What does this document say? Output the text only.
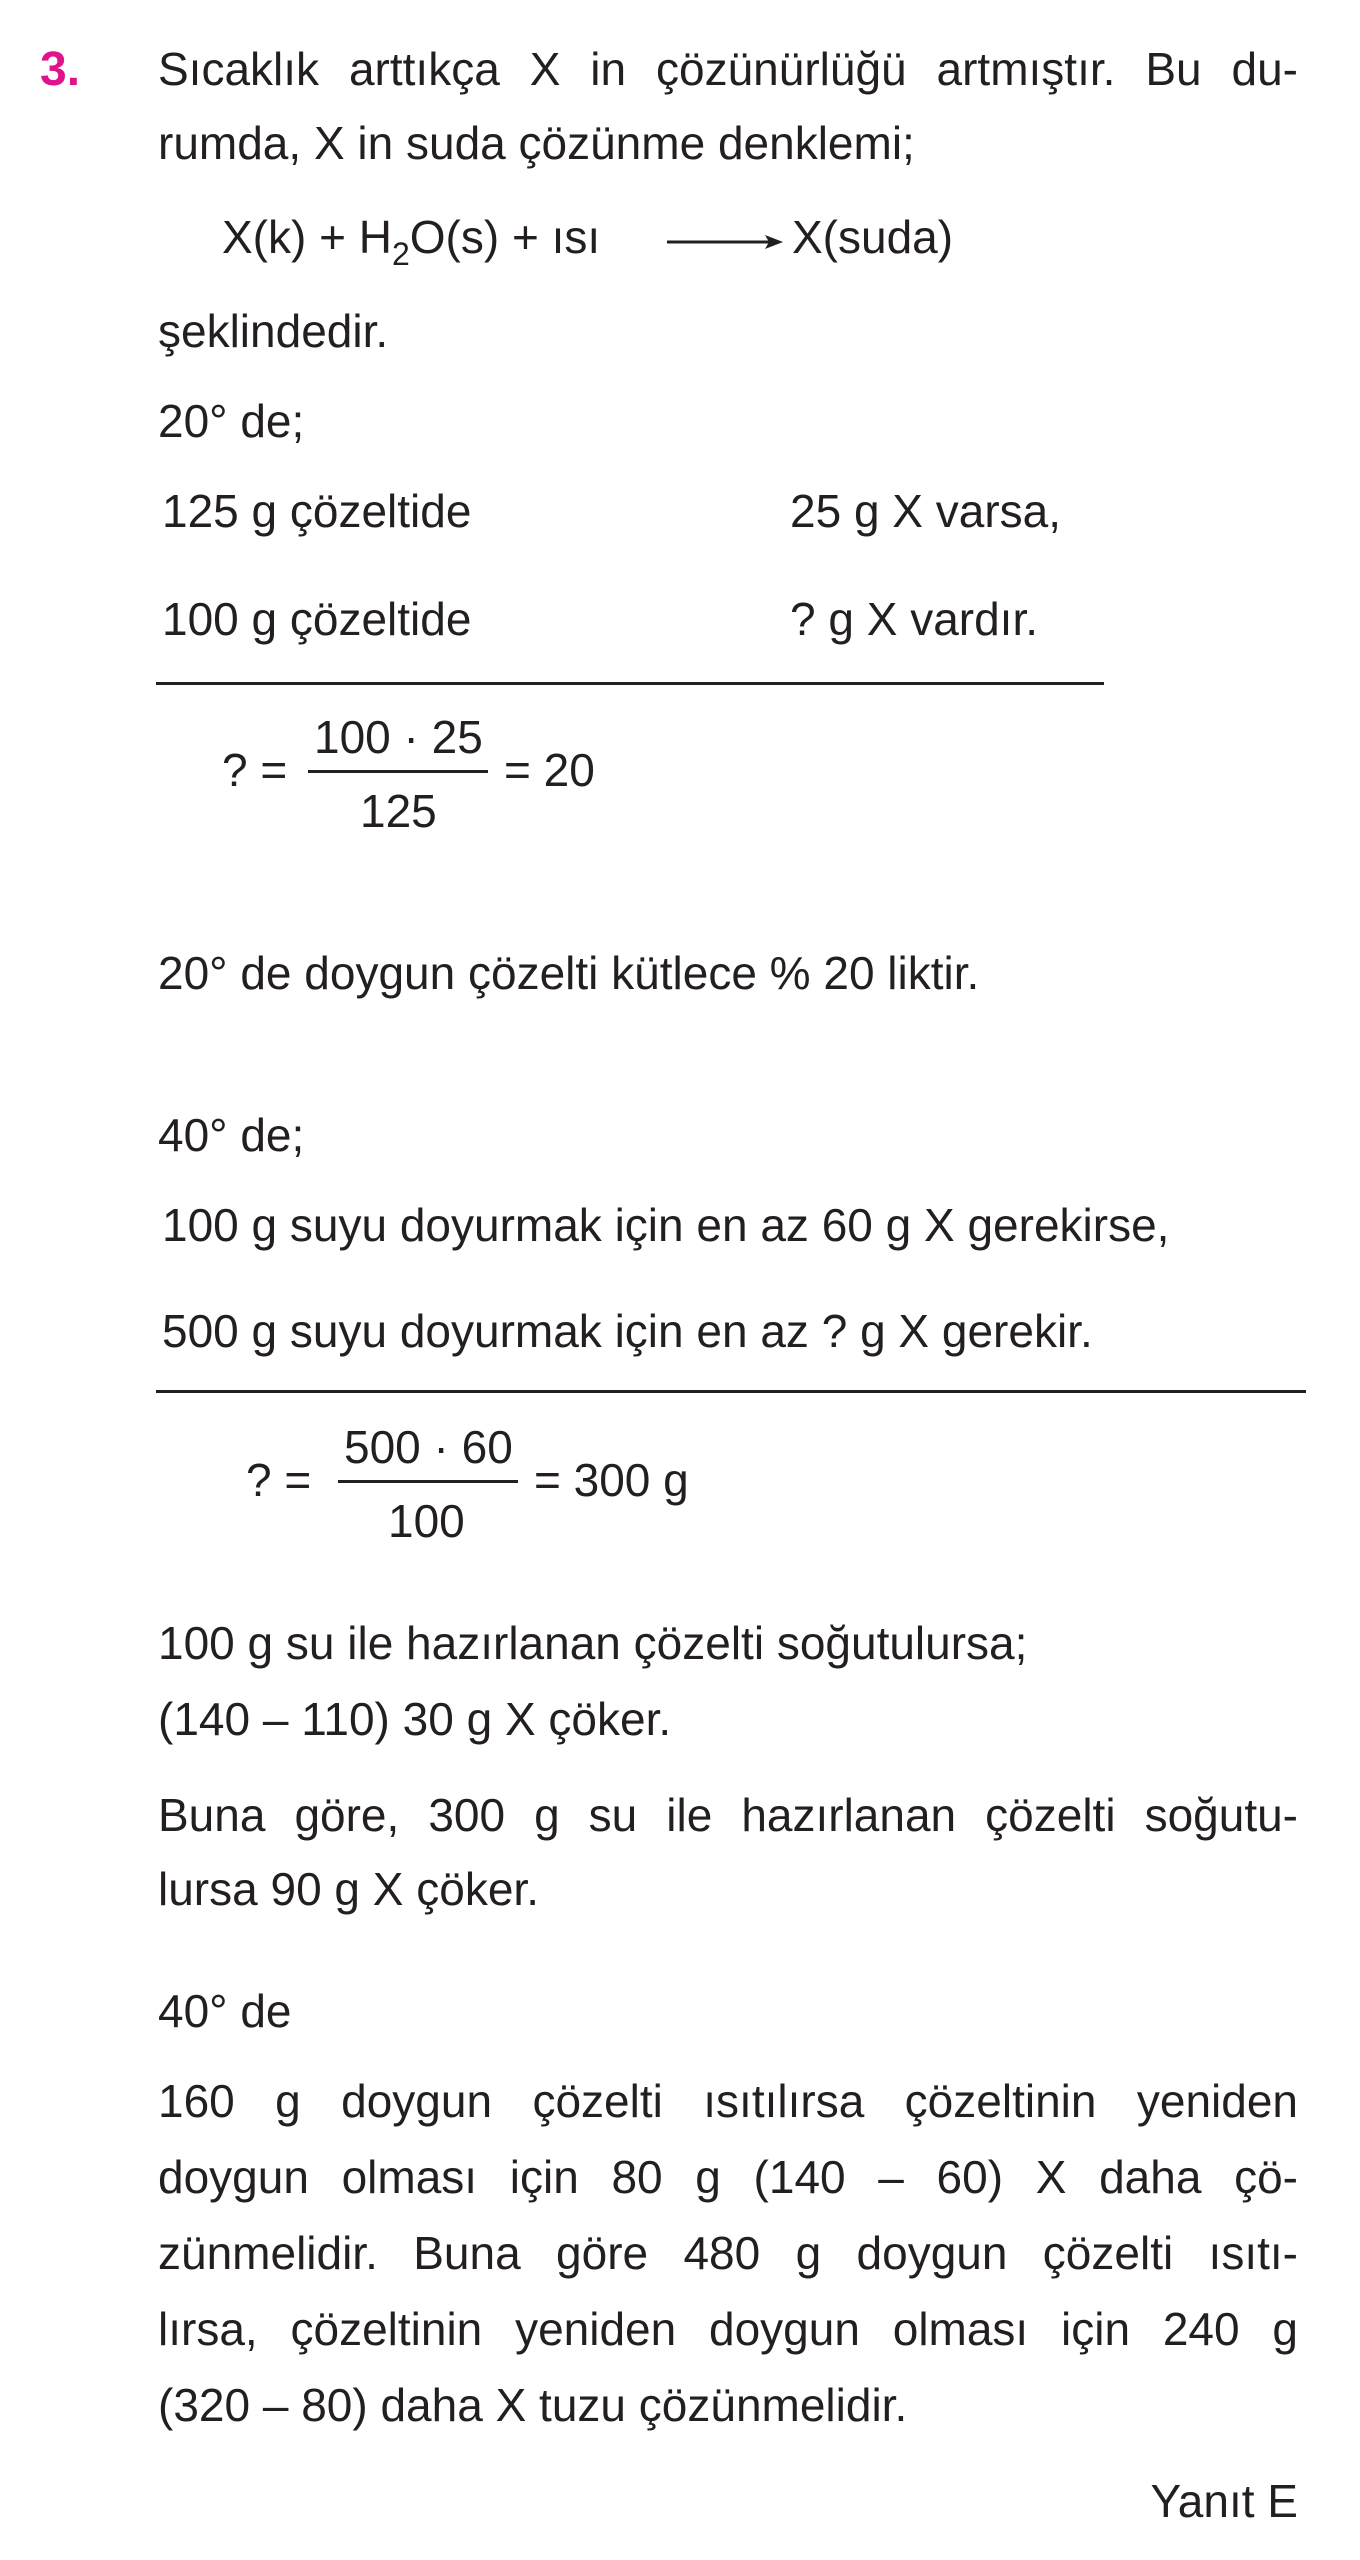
3. Sıcaklık arttıkça X in çözünürlüğü artmıştır. Bu du-
rumda, X in suda çözünme denklemi;
$X(k) + H_2O(s)$ + ısı → X(suda)
şeklindedir.
20° de;
125 g çözeltide	25 g X varsa,
100 g çözeltide	? g X vardır.
? =
100 · 25
125
= 20
20° de doygun çözelti kütlece % 20 liktir.
40° de;
100 g suyu doyurmak için en az 60 g X gerekirse,
500 g suyu doyurmak için en az ? g X gerekir.
? =
500 · 60
100
= 300 g
100 g su ile hazırlanan çözelti soğutulursa;
(140 – 110) 30 g X çöker.
Buna göre, 300 g su ile hazırlanan çözelti soğutu-
lursa 90 g X çöker.
40° de
160 g doygun çözelti ısıtılırsa çözeltinin yeniden
doygun olması için 80 g (140 – 60) X daha çö-
zünmelidir. Buna göre 480 g doygun çözelti ısıtı-
lırsa, çözeltinin yeniden doygun olması için 240 g
(320 – 80) daha X tuzu çözünmelidir.
Yanıt E
